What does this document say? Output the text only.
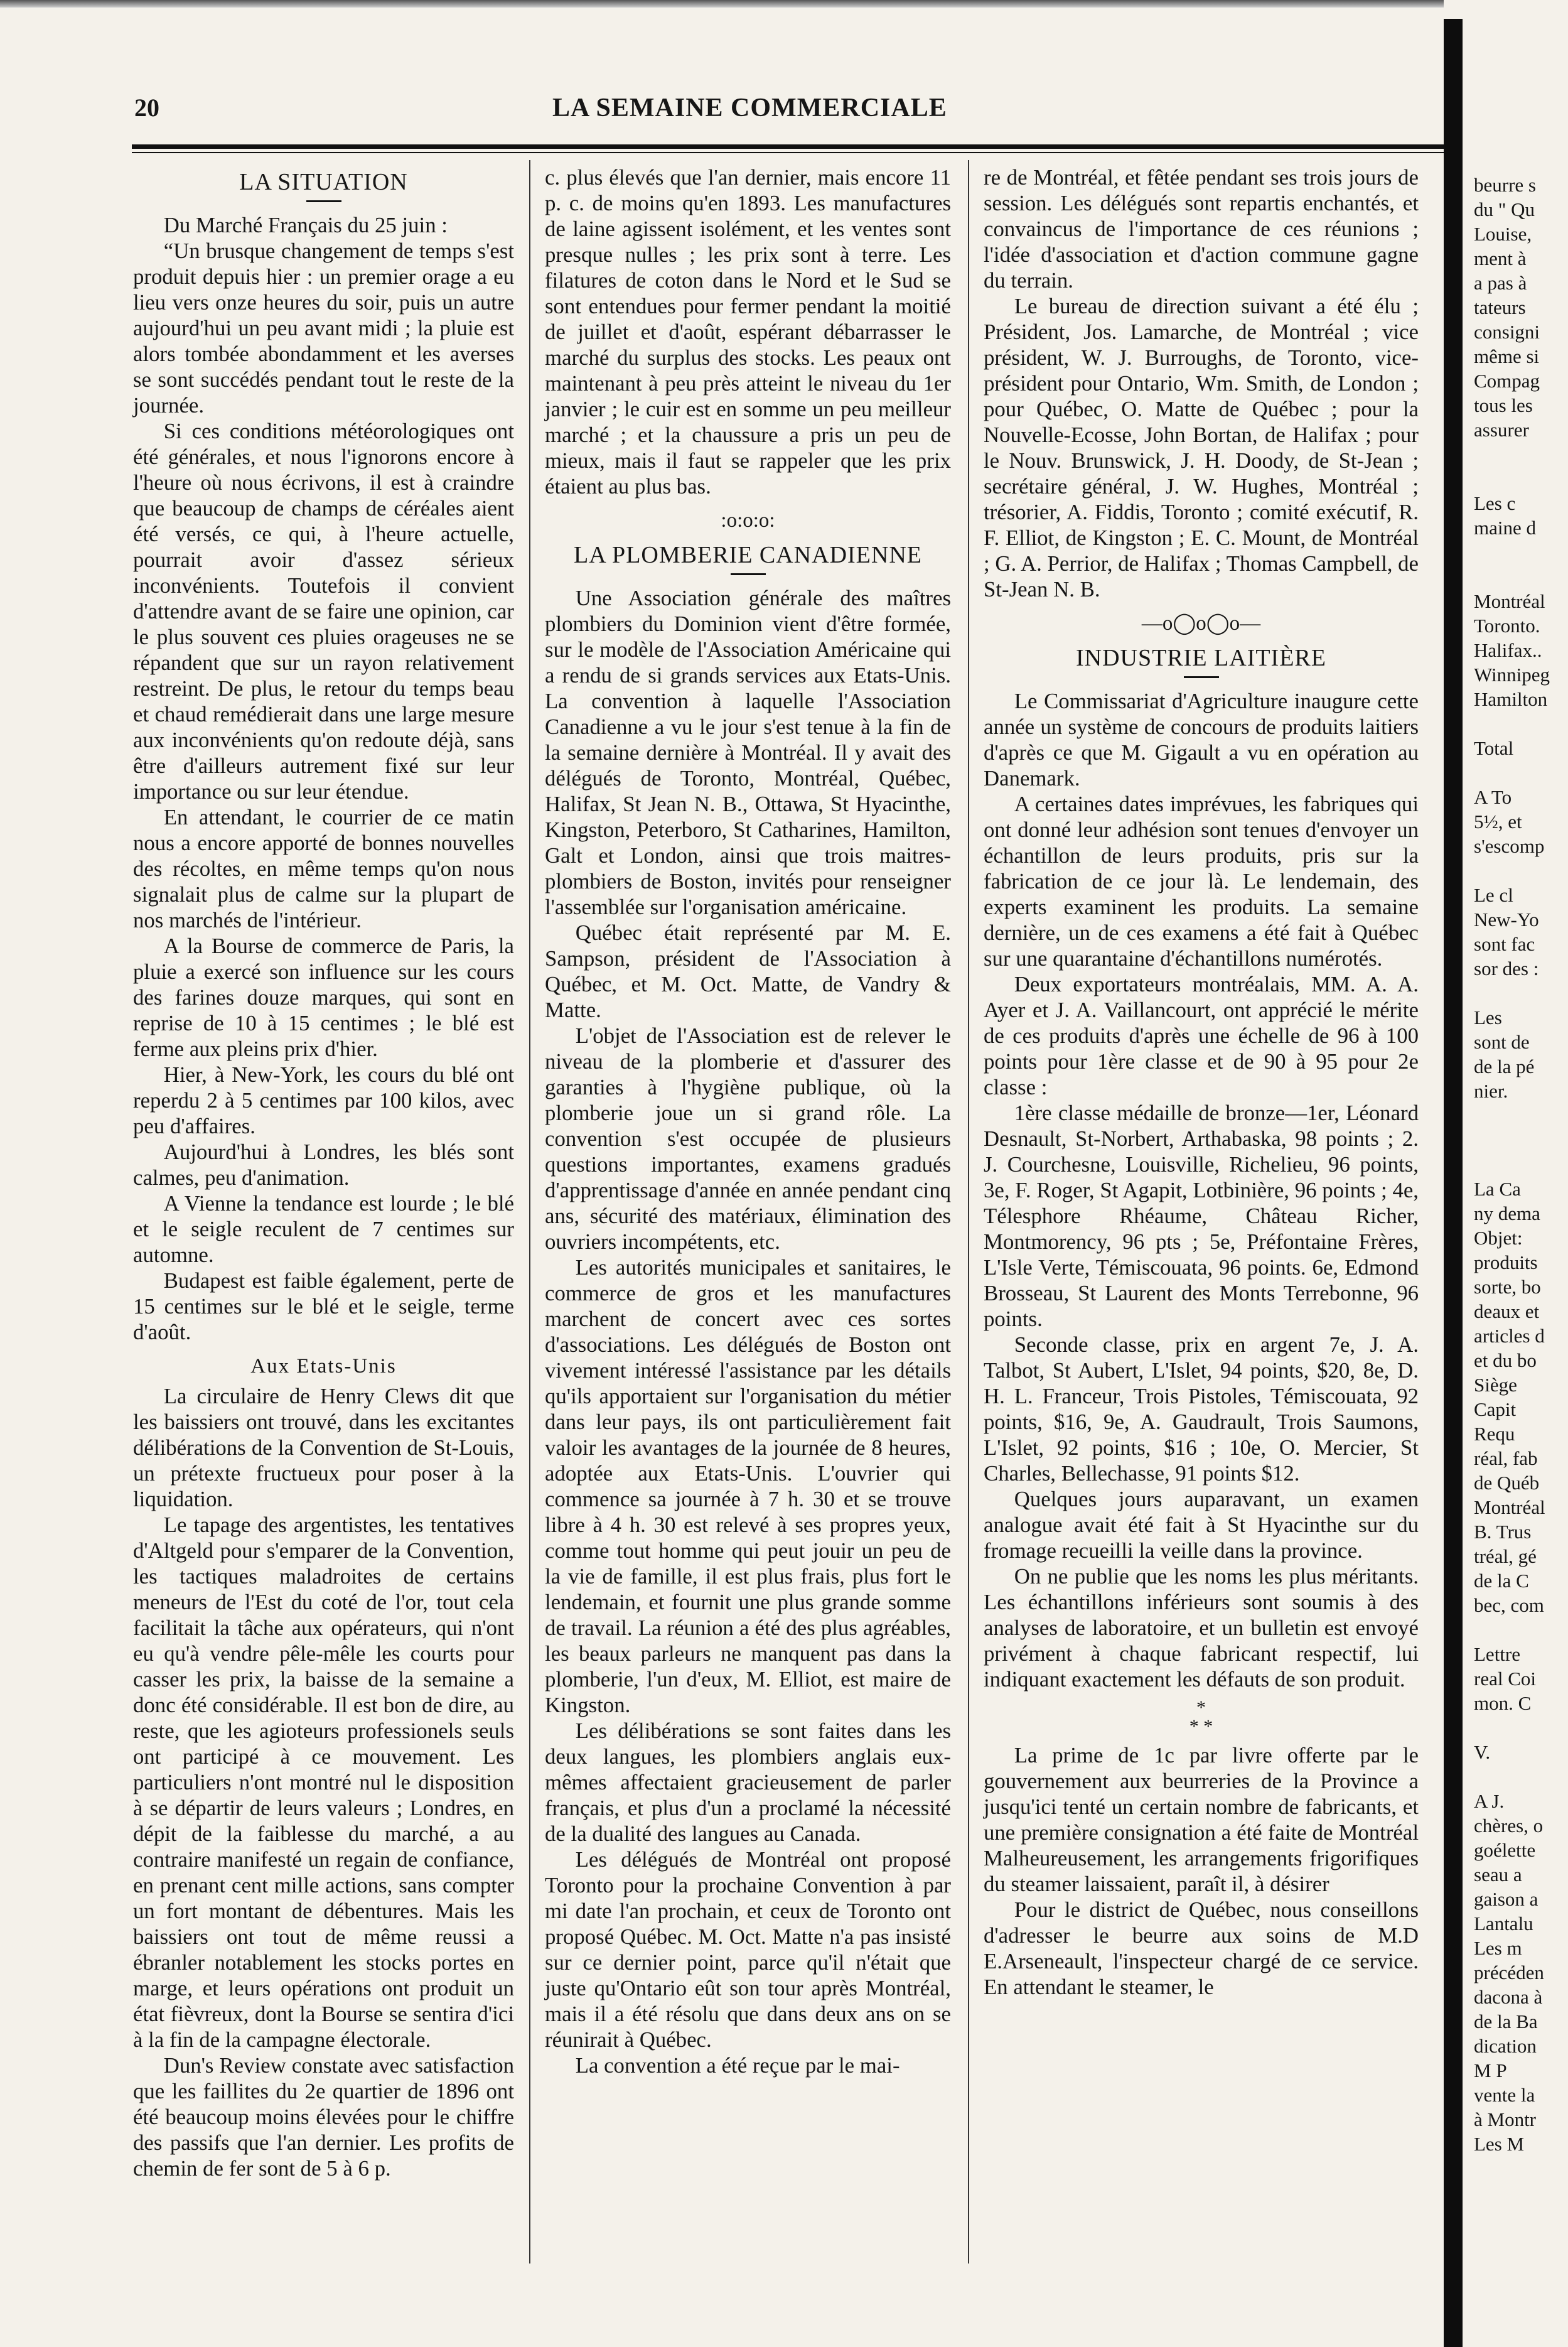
20	LA SEMAINE COMMERCIALE
LA SITUATION

Du Marché Français du 25 juin :

“Un brusque changement de temps s'est produit depuis hier : un premier orage a eu lieu vers onze heures du soir, puis un autre aujourd'hui un peu avant midi ; la pluie est alors tombée abondamment et les averses se sont succédés pendant tout le reste de la journée.

Si ces conditions météorologiques ont été générales, et nous l'ignorons encore à l'heure où nous écrivons, il est à craindre que beaucoup de champs de céréales aient été versés, ce qui, à l'heure actuelle, pourrait avoir d'assez sérieux inconvénients. Toutefois il convient d'attendre avant de se faire une opinion, car le plus souvent ces pluies orageuses ne se répandent que sur un rayon relativement restreint. De plus, le retour du temps beau et chaud remédierait dans une large mesure aux inconvénients qu'on redoute déjà, sans être d'ailleurs autrement fixé sur leur importance ou sur leur étendue.

En attendant, le courrier de ce matin nous a encore apporté de bonnes nouvelles des récoltes, en même temps qu'on nous signalait plus de calme sur la plupart de nos marchés de l'intérieur.

A la Bourse de commerce de Paris, la pluie a exercé son influence sur les cours des farines douze marques, qui sont en reprise de 10 à 15 centimes ; le blé est ferme aux pleins prix d'hier.

Hier, à New-York, les cours du blé ont reperdu 2 à 5 centimes par 100 kilos, avec peu d'affaires.

Aujourd'hui à Londres, les blés sont calmes, peu d'animation.

A Vienne la tendance est lourde ; le blé et le seigle reculent de 7 centimes sur automne.

Budapest est faible également, perte de 15 centimes sur le blé et le seigle, terme d'août.

Aux Etats-Unis

La circulaire de Henry Clews dit que les baissiers ont trouvé, dans les excitantes délibérations de la Convention de St-Louis, un prétexte fructueux pour poser à la liquidation.

Le tapage des argentistes, les tentatives d'Altgeld pour s'emparer de la Convention, les tactiques maladroites de certains meneurs de l'Est du coté de l'or, tout cela facilitait la tâche aux opérateurs, qui n'ont eu qu'à vendre pêle-mêle les courts pour casser les prix, la baisse de la semaine a donc été considérable. Il est bon de dire, au reste, que les agioteurs professionels seuls ont participé à ce mouvement. Les particuliers n'ont montré nul le disposition à se départir de leurs valeurs ; Londres, en dépit de la faiblesse du marché, a au contraire manifesté un regain de confiance, en prenant cent mille actions, sans compter un fort montant de débentures. Mais les baissiers ont tout de même reussi a ébranler notablement les stocks portes en marge, et leurs opérations ont produit un état fièvreux, dont la Bourse se sentira d'ici à la fin de la campagne électorale.

Dun's Review constate avec satisfaction que les faillites du 2e quartier de 1896 ont été beaucoup moins élevées pour le chiffre des passifs que l'an dernier. Les profits de chemin de fer sont de 5 à 6 p.

c. plus élevés que l'an dernier, mais encore 11 p. c. de moins qu'en 1893. Les manufactures de laine agissent isolément, et les ventes sont presque nulles ; les prix sont à terre. Les filatures de coton dans le Nord et le Sud se sont entendues pour fermer pendant la moitié de juillet et d'août, espérant débarrasser le marché du surplus des stocks. Les peaux ont maintenant à peu près atteint le niveau du 1er janvier ; le cuir est en somme un peu meilleur marché ; et la chaussure a pris un peu de mieux, mais il faut se rappeler que les prix étaient au plus bas.

:o:o:o:
LA PLOMBERIE CANADIENNE

Une Association générale des maîtres plombiers du Dominion vient d'être formée, sur le modèle de l'Association Américaine qui a rendu de si grands services aux Etats-Unis. La convention à laquelle l'Association Canadienne a vu le jour s'est tenue à la fin de la semaine dernière à Montréal. Il y avait des délégués de Toronto, Montréal, Québec, Halifax, St Jean N. B., Ottawa, St Hyacinthe, Kingston, Peterboro, St Catharines, Hamilton, Galt et London, ainsi que trois maitres-plombiers de Boston, invités pour renseigner l'assemblée sur l'organisation américaine.

Québec était représenté par M. E. Sampson, président de l'Association à Québec, et M. Oct. Matte, de Vandry & Matte.

L'objet de l'Association est de relever le niveau de la plomberie et d'assurer des garanties à l'hygiène publique, où la plomberie joue un si grand rôle. La convention s'est occupée de plusieurs questions importantes, examens gradués d'apprentissage d'année en année pendant cinq ans, sécurité des matériaux, élimination des ouvriers incompétents, etc.

Les autorités municipales et sanitaires, le commerce de gros et les manufactures marchent de concert avec ces sortes d'associations. Les délégués de Boston ont vivement intéressé l'assistance par les détails qu'ils apportaient sur l'organisation du métier dans leur pays, ils ont particulièrement fait valoir les avantages de la journée de 8 heures, adoptée aux Etats-Unis. L'ouvrier qui commence sa journée à 7 h. 30 et se trouve libre à 4 h. 30 est relevé à ses propres yeux, comme tout homme qui peut jouir un peu de la vie de famille, il est plus frais, plus fort le lendemain, et fournit une plus grande somme de travail. La réunion a été des plus agréables, les beaux parleurs ne manquent pas dans la plomberie, l'un d'eux, M. Elliot, est maire de Kingston.

Les délibérations se sont faites dans les deux langues, les plombiers anglais eux-mêmes affectaient gracieusement de parler français, et plus d'un a proclamé la nécessité de la dualité des langues au Canada.

Les délégués de Montréal ont proposé Toronto pour la prochaine Convention à par mi date l'an prochain, et ceux de Toronto ont proposé Québec. M. Oct. Matte n'a pas insisté sur ce dernier point, parce qu'il n'était que juste qu'Ontario eût son tour après Montréal, mais il a été résolu que dans deux ans on se réunirait à Québec.

La convention a été reçue par le mai-

re de Montréal, et fêtée pendant ses trois jours de session. Les délégués sont repartis enchantés, et convaincus de l'importance de ces réunions ; l'idée d'association et d'action commune gagne du terrain.

Le bureau de direction suivant a été élu ; Président, Jos. Lamarche, de Montréal ; vice président, W. J. Burroughs, de Toronto, vice-président pour Ontario, Wm. Smith, de London ; pour Québec, O. Matte de Québec ; pour la Nouvelle-Ecosse, John Bortan, de Halifax ; pour le Nouv. Brunswick, J. H. Doody, de St-Jean ; secrétaire général, J. W. Hughes, Montréal ; trésorier, A. Fiddis, Toronto ; comité exécutif, R. F. Elliot, de Kingston ; E. C. Mount, de Montréal ; G. A. Perrior, de Halifax ; Thomas Campbell, de St-Jean N. B.

—o◯o◯o—
INDUSTRIE LAITIÈRE

Le Commissariat d'Agriculture inaugure cette année un système de concours de produits laitiers d'après ce que M. Gigault a vu en opération au Danemark.

A certaines dates imprévues, les fabriques qui ont donné leur adhésion sont tenues d'envoyer un échantillon de leurs produits, pris sur la fabrication de ce jour là. Le lendemain, des experts examinent les produits. La semaine dernière, un de ces examens a été fait à Québec sur une quarantaine d'échantillons numérotés.

Deux exportateurs montréalais, MM. A. A. Ayer et J. A. Vaillancourt, ont apprécié le mérite de ces produits d'après une échelle de 96 à 100 points pour 1ère classe et de 90 à 95 pour 2e classe :

1ère classe médaille de bronze—1er, Léonard Desnault, St-Norbert, Arthabaska, 98 points ; 2. J. Courchesne, Louisville, Richelieu, 96 points, 3e, F. Roger, St Agapit, Lotbinière, 96 points ; 4e, Télesphore Rhéaume, Château Richer, Montmorency, 96 pts ; 5e, Préfontaine Frères, L'Isle Verte, Témiscouata, 96 points. 6e, Edmond Brosseau, St Laurent des Monts Terrebonne, 96 points.

Seconde classe, prix en argent 7e, J. A. Talbot, St Aubert, L'Islet, 94 points, $20, 8e, D. H. L. Franceur, Trois Pistoles, Témiscouata, 92 points, $16, 9e, A. Gaudrault, Trois Saumons, L'Islet, 92 points, $16 ; 10e, O. Mercier, St Charles, Bellechasse, 91 points $12.

Quelques jours auparavant, un examen analogue avait été fait à St Hyacinthe sur du fromage recueilli la veille dans la province.

On ne publie que les noms les plus méritants. Les échantillons inférieurs sont soumis à des analyses de laboratoire, et un bulletin est envoyé privément à chaque fabricant respectif, lui indiquant exactement les défauts de son produit.

*
* *

La prime de 1c par livre offerte par le gouvernement aux beurreries de la Province a jusqu'ici tenté un certain nombre de fabricants, et une première consignation a été faite de Montréal Malheureusement, les arrangements frigorifiques du steamer laissaient, paraît il, à désirer

Pour le district de Québec, nous conseillons d'adresser le beurre aux soins de M.D E.Arseneault, l'inspecteur chargé de ce service. En attendant le steamer, le

beurre s
du " Qu
Louise,
ment à
a pas à
tateurs
consigni
même si
Compag
tous les
assurer
Les c
maine d
Montréal
Toronto.
Halifax..
Winnipeg
Hamilton
Total
A To
5½, et
s'escomp
Le cl
New-Yo
sont fac
sor des :
Les
sont de
de la pé
nier.
La Ca
ny dema
Objet:
produits
sorte, bo
deaux et
articles d
et du bo
Siège
Capit
Requ
réal, fab
de Québ
Montréal
B. Trus
tréal, gé
de la C
bec, com
Lettre
real Coi
mon. C
V.
A J.
chères, o
goélette
seau a
gaison a
Lantalu
Les m
précéden
dacona à
de la Ba
dication
M P
vente la
à Montr
Les M
